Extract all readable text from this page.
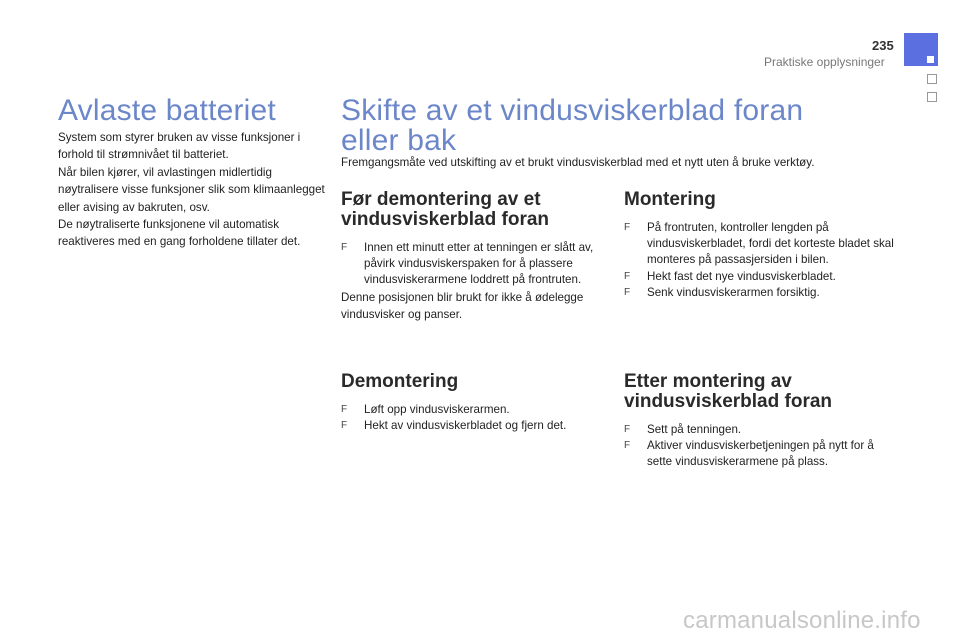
235
Praktiske opplysninger
Avlaste batteriet

System som styrer bruken av visse funksjoner i forhold til strømnivået til batteriet.

Når bilen kjører, vil avlastingen midlertidig nøytralisere visse funksjoner slik som klimaanlegget eller avising av bakruten, osv.

De nøytraliserte funksjonene vil automatisk reaktiveres med en gang forholdene tillater det.

Skifte av et vindusviskerblad foran eller bak
Fremgangsmåte ved utskifting av et brukt vindusviskerblad med et nytt uten å bruke verktøy.
Før demontering av et vindusviskerblad foran
F Innen ett minutt etter at tenningen er slått av, påvirk vindusviskerspaken for å plassere vindusviskerarmene loddrett på frontruten.

Denne posisjonen blir brukt for ikke å ødelegge vindusvisker og panser.

Montering
F På frontruten, kontroller lengden på vindusviskerbladet, fordi det korteste bladet skal monteres på passasjersiden i bilen.
F Hekt fast det nye vindusviskerbladet.
F Senk vindusviskerarmen forsiktig.
Demontering
F Løft opp vindusviskerarmen.
F Hekt av vindusviskerbladet og fjern det.
Etter montering av vindusviskerblad foran
F Sett på tenningen.
F Aktiver vindusviskerbetjeningen på nytt for å sette vindusviskerarmene på plass.
carmanualsonline.info
